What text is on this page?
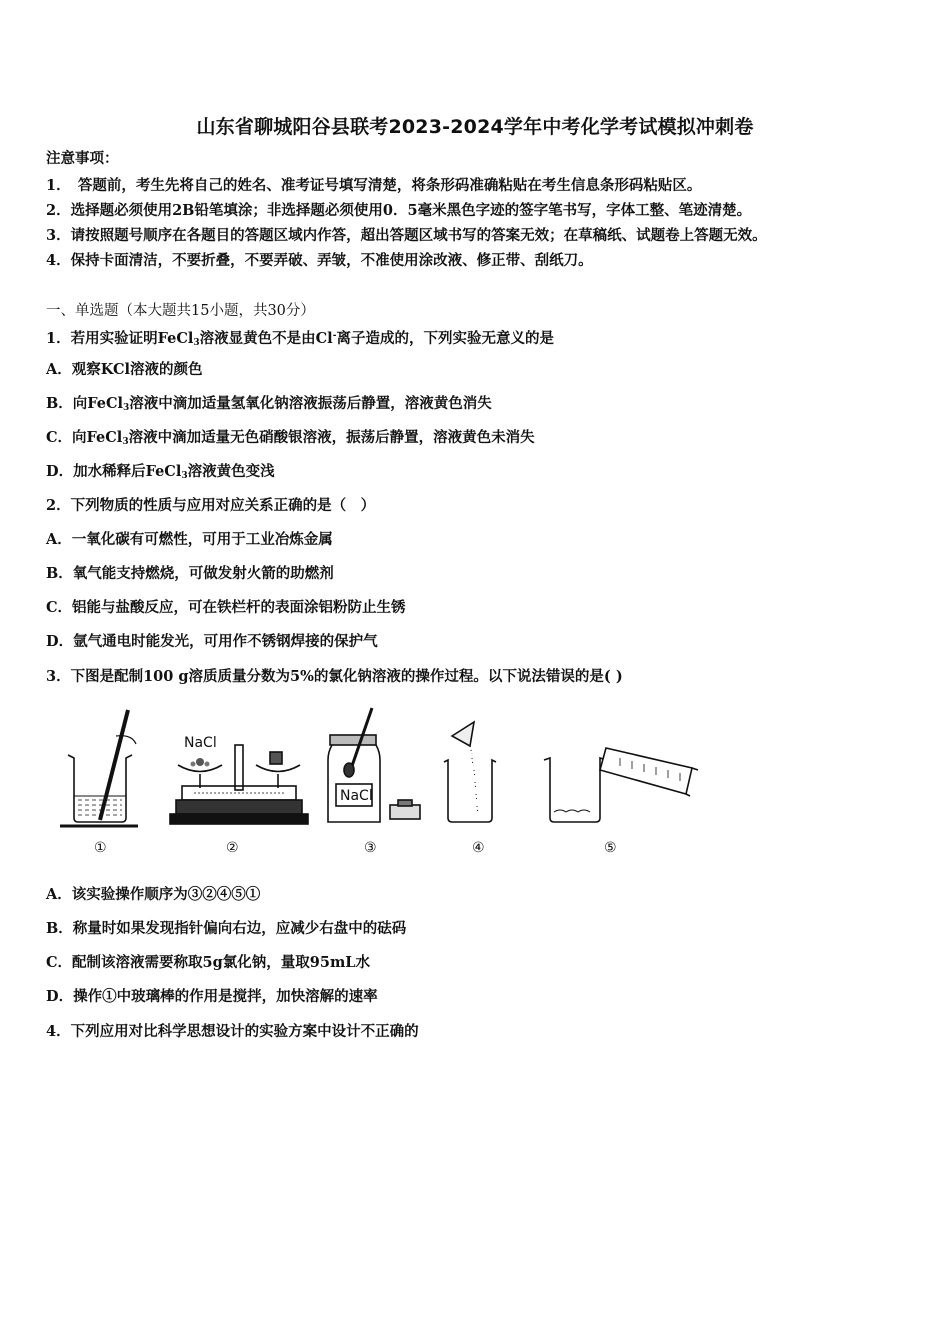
山东省聊城阳谷县联考2023-2024学年中考化学考试模拟冲刺卷
注意事项：
1．　答题前，考生先将自己的姓名、准考证号填写清楚，将条形码准确粘贴在考生信息条形码粘贴区。
2．选择题必须使用2B铅笔填涂；非选择题必须使用0．5毫米黑色字迹的签字笔书写，字体工整、笔迹清楚。
3．请按照题号顺序在各题目的答题区域内作答，超出答题区域书写的答案无效；在草稿纸、试题卷上答题无效。
4．保持卡面清洁，不要折叠，不要弄破、弄皱，不准使用涂改液、修正带、刮纸刀。
一、单选题（本大题共15小题，共30分）
1．若用实验证明FeCl$_3$溶液显黄色不是由Cl-离子造成的，下列实验无意义的是
A．观察KCl溶液的颜色
B．向FeCl$_3$溶液中滴加适量氢氧化钠溶液振荡后静置，溶液黄色消失
C．向FeCl$_3$溶液中滴加适量无色硝酸银溶液，振荡后静置，溶液黄色未消失
D．加水稀释后FeCl$_3$溶液黄色变浅
2．下列物质的性质与应用对应关系正确的是（　）
A．一氧化碳有可燃性，可用于工业冶炼金属
B．氧气能支持燃烧，可做发射火箭的助燃剂
C．铝能与盐酸反应，可在铁栏杆的表面涂铝粉防止生锈
D．氩气通电时能发光，可用作不锈钢焊接的保护气
3．下图是配制100 g溶质质量分数为5%的氯化钠溶液的操作过程。以下说法错误的是( )
NaCl
NaCl
①	②	③	④	⑤
A．该实验操作顺序为③②④⑤①
B．称量时如果发现指针偏向右边，应减少右盘中的砝码
C．配制该溶液需要称取5g氯化钠，量取95mL水
D．操作①中玻璃棒的作用是搅拌，加快溶解的速率
4．下列应用对比科学思想设计的实验方案中设计不正确的
